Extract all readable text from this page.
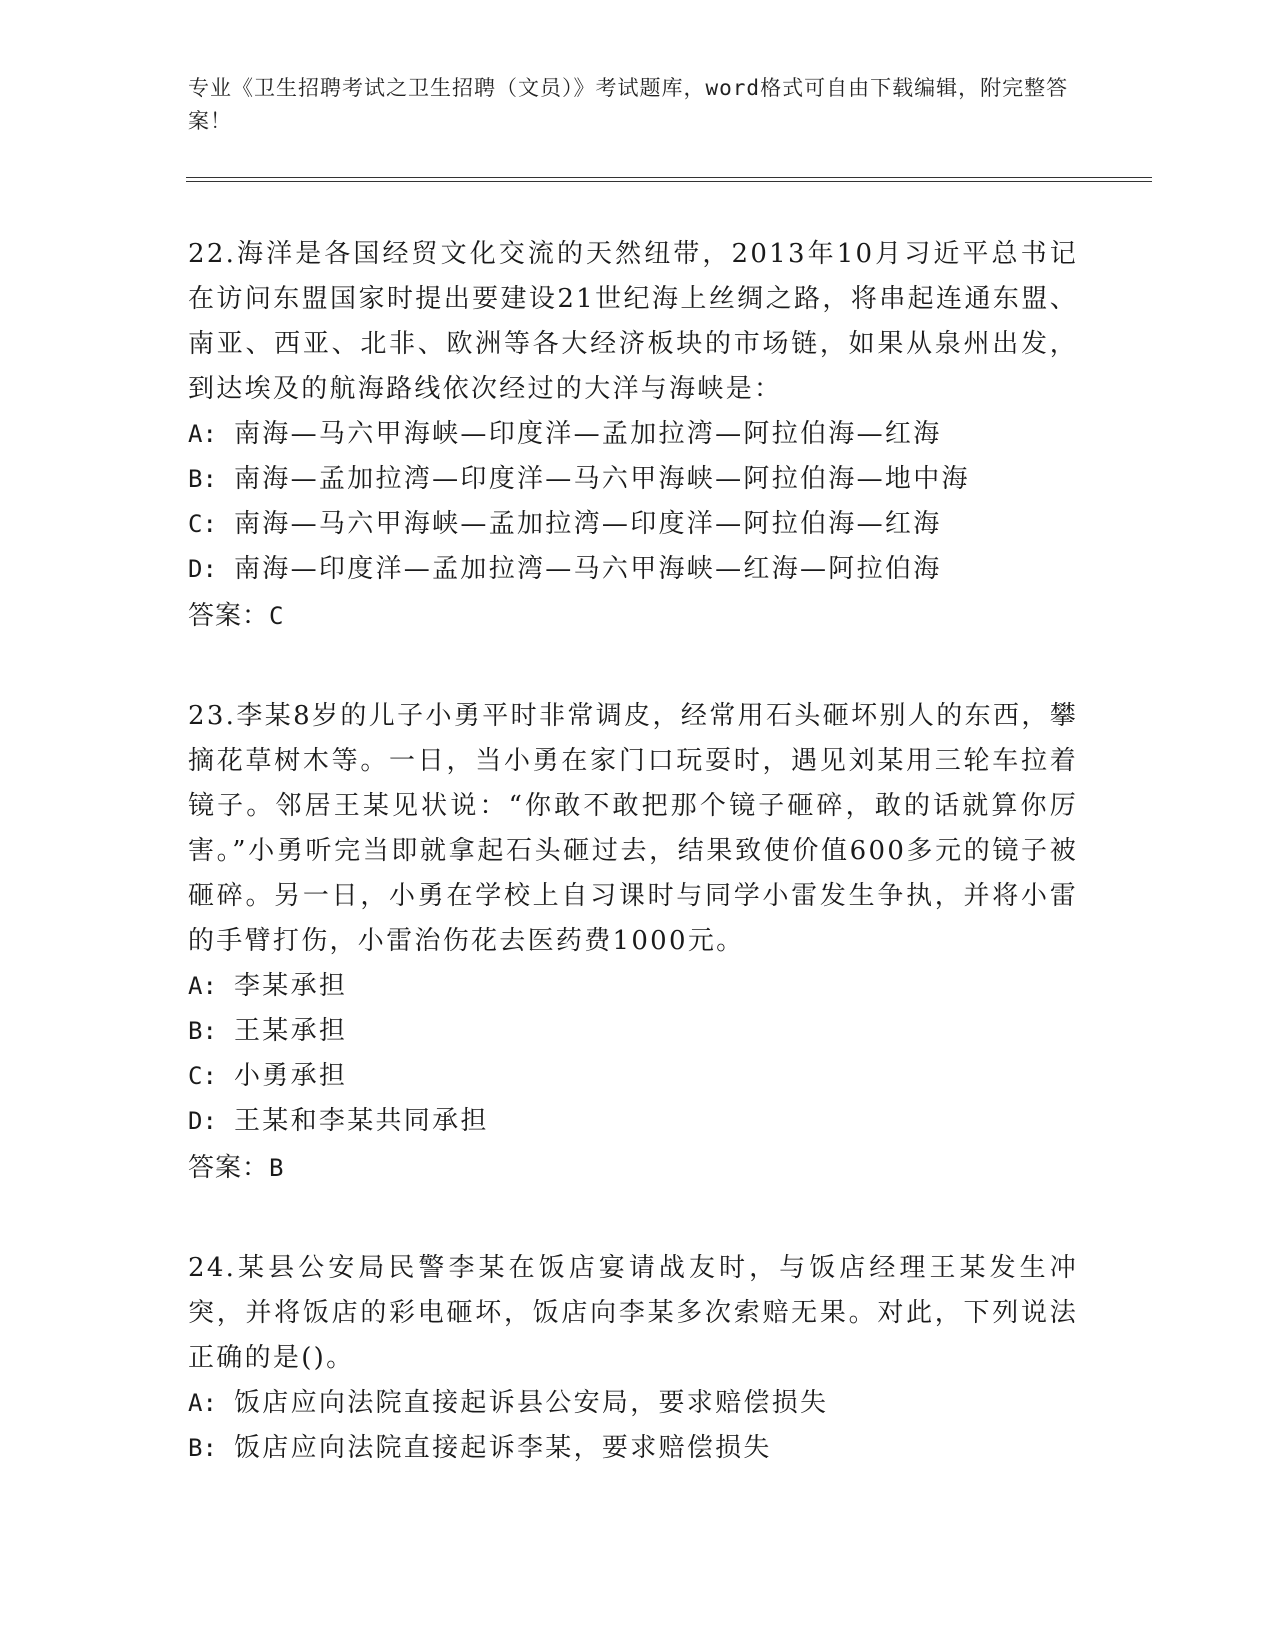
专业《卫生招聘考试之卫生招聘（文员）》考试题库，word格式可自由下载编辑，附完整答案！
22.海洋是各国经贸文化交流的天然纽带，2013年10月习近平总书记在访问东盟国家时提出要建设21世纪海上丝绸之路，将串起连通东盟、南亚、西亚、北非、欧洲等各大经济板块的市场链，如果从泉州出发，到达埃及的航海路线依次经过的大洋与海峡是：
A: 南海—马六甲海峡—印度洋—孟加拉湾—阿拉伯海—红海
B: 南海—孟加拉湾—印度洋—马六甲海峡—阿拉伯海—地中海
C: 南海—马六甲海峡—孟加拉湾—印度洋—阿拉伯海—红海
D: 南海—印度洋—孟加拉湾—马六甲海峡—红海—阿拉伯海
答案： C
23.李某8岁的儿子小勇平时非常调皮，经常用石头砸坏别人的东西，攀摘花草树木等。一日，当小勇在家门口玩耍时，遇见刘某用三轮车拉着镜子。邻居王某见状说：“你敢不敢把那个镜子砸碎，敢的话就算你厉害。”小勇听完当即就拿起石头砸过去，结果致使价值600多元的镜子被砸碎。另一日，小勇在学校上自习课时与同学小雷发生争执，并将小雷的手臂打伤，小雷治伤花去医药费1000元。
A: 李某承担
B: 王某承担
C: 小勇承担
D: 王某和李某共同承担
答案： B
24.某县公安局民警李某在饭店宴请战友时，与饭店经理王某发生冲突，并将饭店的彩电砸坏，饭店向李某多次索赔无果。对此，下列说法正确的是()。
A: 饭店应向法院直接起诉县公安局，要求赔偿损失
B: 饭店应向法院直接起诉李某，要求赔偿损失
